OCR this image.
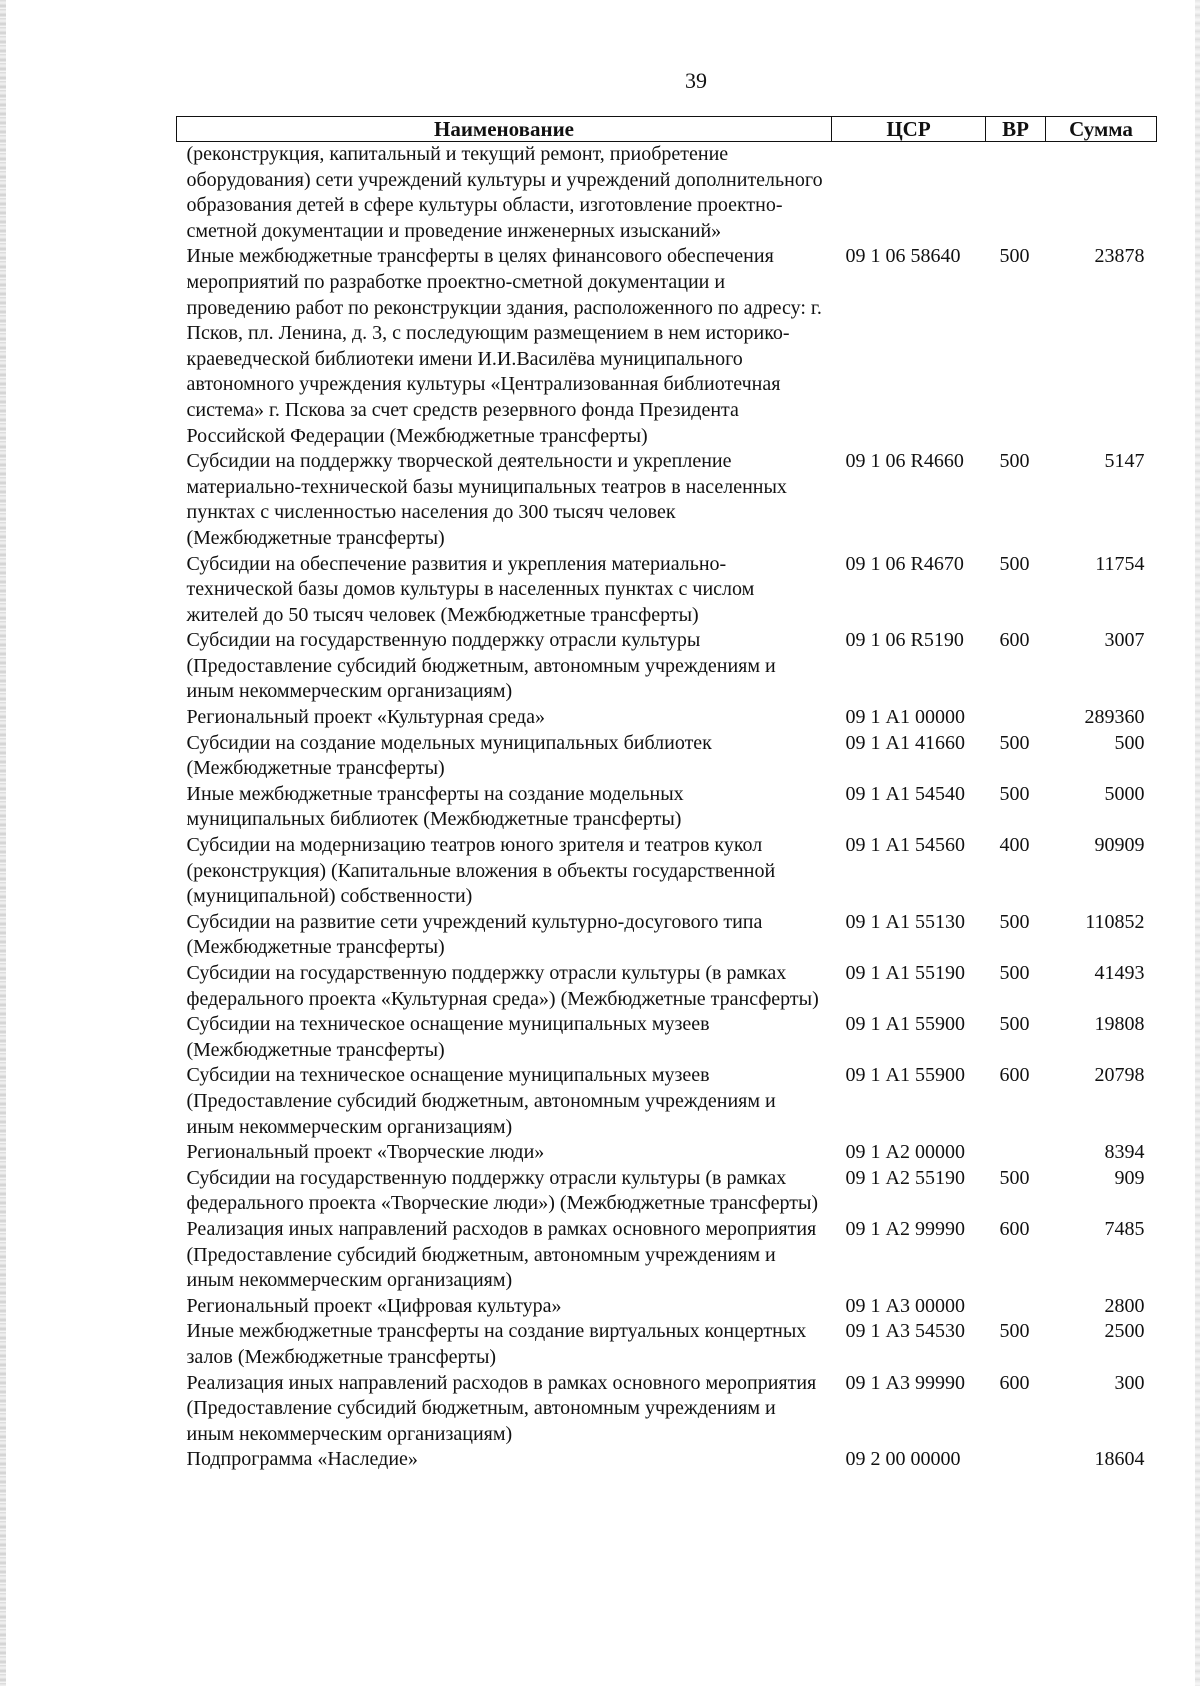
39
Наименование	ЦСР	ВР	Сумма
(реконструкция, капитальный и текущий ремонт, приобретение оборудования) сети учреждений культуры и учреждений дополнительного образования детей в сфере культуры области, изготовление проектно-сметной документации и проведение инженерных изысканий»			
Иные межбюджетные трансферты в целях финансового обеспечения мероприятий по разработке проектно-сметной документации и проведению работ по реконструкции здания, расположенного по адресу: г. Псков, пл. Ленина, д. 3, с последующим размещением в нем историко-краеведческой библиотеки имени И.И.Василёва муниципального автономного учреждения культуры «Централизованная библиотечная система» г. Пскова за счет средств резервного фонда Президента Российской Федерации (Межбюджетные трансферты)	09 1 06 58640	500	23878
Субсидии на поддержку творческой деятельности и укрепление материально-технической базы муниципальных театров в населенных пунктах с численностью населения до 300 тысяч человек (Межбюджетные трансферты)	09 1 06 R4660	500	5147
Субсидии на обеспечение развития и укрепления материально-технической базы домов культуры в населенных пунктах с числом жителей до 50 тысяч человек (Межбюджетные трансферты)	09 1 06 R4670	500	11754
Субсидии на государственную поддержку отрасли культуры (Предоставление субсидий бюджетным, автономным учреждениям и иным некоммерческим организациям)	09 1 06 R5190	600	3007
Региональный проект «Культурная среда»	09 1 А1 00000		289360
Субсидии на создание модельных муниципальных библиотек (Межбюджетные трансферты)	09 1 А1 41660	500	500
Иные межбюджетные трансферты на создание модельных муниципальных библиотек (Межбюджетные трансферты)	09 1 А1 54540	500	5000
Субсидии на модернизацию театров юного зрителя и театров кукол (реконструкция) (Капитальные вложения в объекты государственной (муниципальной) собственности)	09 1 А1 54560	400	90909
Субсидии на развитие сети учреждений культурно-досугового типа (Межбюджетные трансферты)	09 1 А1 55130	500	110852
Субсидии на государственную поддержку отрасли культуры (в рамках федерального проекта «Культурная среда») (Межбюджетные трансферты)	09 1 А1 55190	500	41493
Субсидии на техническое оснащение муниципальных музеев (Межбюджетные трансферты)	09 1 А1 55900	500	19808
Субсидии на техническое оснащение муниципальных музеев (Предоставление субсидий бюджетным, автономным учреждениям и иным некоммерческим организациям)	09 1 А1 55900	600	20798
Региональный проект «Творческие люди»	09 1 А2 00000		8394
Субсидии на государственную поддержку отрасли культуры (в рамках федерального проекта «Творческие люди») (Межбюджетные трансферты)	09 1 А2 55190	500	909
Реализация иных направлений расходов в рамках основного мероприятия (Предоставление субсидий бюджетным, автономным учреждениям и иным некоммерческим организациям)	09 1 А2 99990	600	7485
Региональный проект «Цифровая культура»	09 1 А3 00000		2800
Иные межбюджетные трансферты на создание виртуальных концертных залов (Межбюджетные трансферты)	09 1 А3 54530	500	2500
Реализация иных направлений расходов в рамках основного мероприятия (Предоставление субсидий бюджетным, автономным учреждениям и иным некоммерческим организациям)	09 1 А3 99990	600	300
Подпрограмма «Наследие»	09 2 00 00000		18604
